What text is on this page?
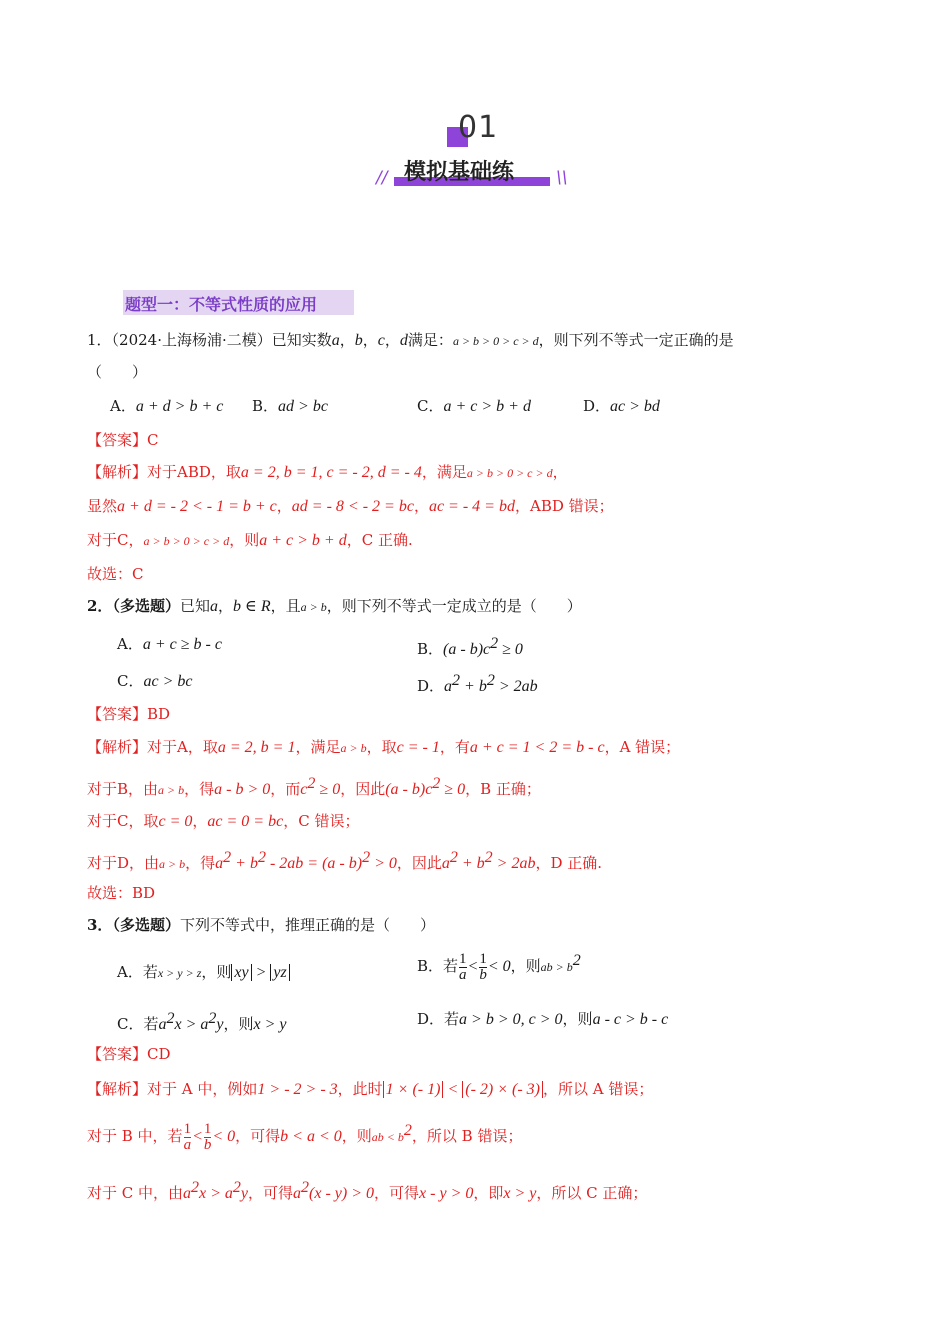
01
// 模拟基础练 \\
题型一：不等式性质的应用
1．（2024·上海杨浦·二模）已知实数a，b，c，d满足：a > b > 0 > c > d，则下列不等式一定正确的是
（　　）
A．a + d > b + c B．ad > bc	C．a + c > b + d	D．ac > bd
【答案】C
【解析】对于ABD，取a = 2, b = 1, c = - 2, d = - 4，满足a > b > 0 > c > d，
显然a + d = - 2 < - 1 = b + c，ad = - 8 < - 2 = bc，ac = - 4 = bd，ABD 错误；
对于C，a > b > 0 > c > d，则a + c > b + d，C 正确.
故选：C
2．（多选题）已知a，b ∈ R，且a > b，则下列不等式一定成立的是（　　）
A．a + c ≥ b - c	B．$(a - b)c^2 \ge 0$
C．ac > bc	D．$a^2 + b^2 > 2ab$
【答案】BD
【解析】对于A，取a = 2, b = 1，满足a > b，取c = - 1，有a + c = 1 < 2 = b - c，A 错误；
对于B，由a > b，得a - b > 0，而$c^2 \ge 0$，因此$(a - b)c^2 \ge 0$，B 正确；
对于C，取c = 0，ac = 0 = bc，C 错误；
对于D，由a > b，得$a^2 + b^2 - 2ab = (a - b)^2 > 0$，因此$a^2 + b^2 > 2ab$，D 正确.
故选：BD
3．（多选题）下列不等式中，推理正确的是（　　）
A．若x > y > z，则 xy > yz	B．若 $\frac{1}{a} < \frac{1}{b} < 0$，则ab > $b^2$
C．若$a^2x > a^2y$，则x > y	D．若a > b > 0, c > 0，则a - c > b - c
【答案】CD
【解析】对于 A 中，例如1 > - 2 > - 3，此时 1 × (- 1) < (- 2) × (- 3) ，所以 A 错误；
对于 B 中，若 $\frac{1}{a} < \frac{1}{b} < 0$，可得b < a < 0，则ab < $b^2$，所以 B 错误；
对于 C 中，由$a^2x > a^2y$，可得$a^2(x - y) > 0$，可得x - y > 0，即x > y，所以 C 正确；
